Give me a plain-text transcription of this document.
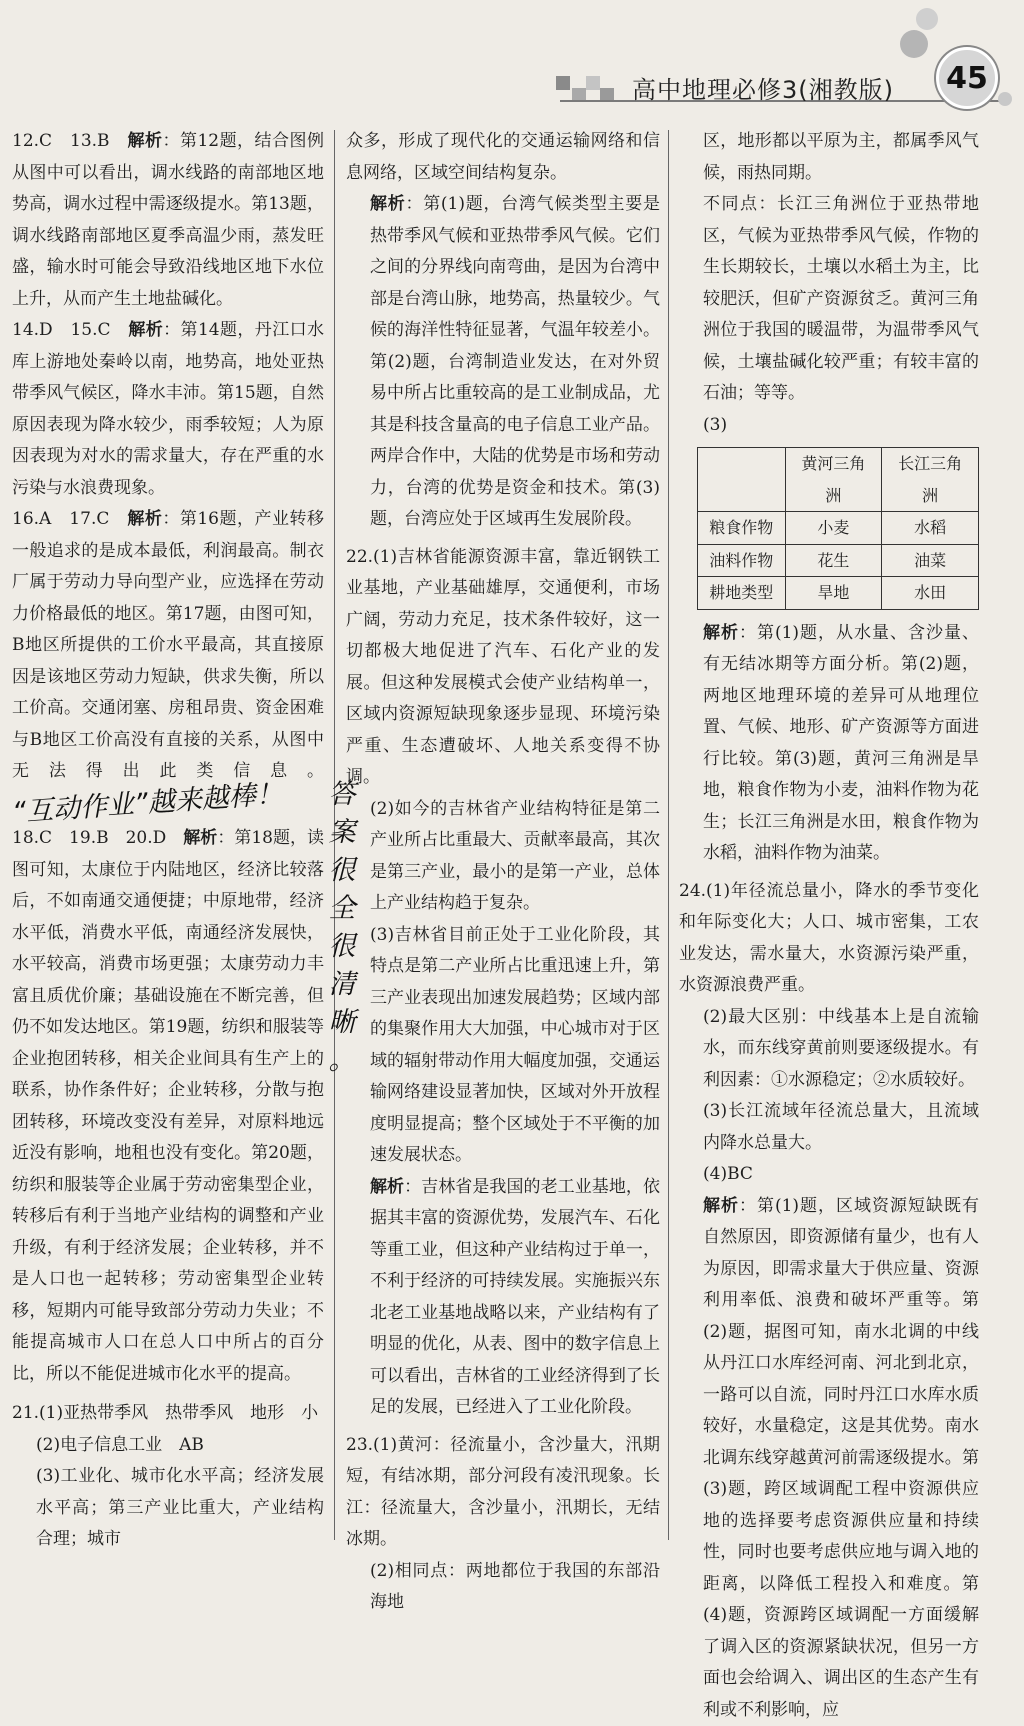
高中地理必修3(湘教版) 45

12.C　13.B　解析：第12题，结合图例从图中可以看出，调水线路的南部地区地势高，调水过程中需逐级提水。第13题，调水线路南部地区夏季高温少雨，蒸发旺盛，输水时可能会导致沿线地区地下水位上升，从而产生土地盐碱化。

14.D　15.C　解析：第14题，丹江口水库上游地处秦岭以南，地势高，地处亚热带季风气候区，降水丰沛。第15题，自然原因表现为降水较少，雨季较短；人为原因表现为对水的需求量大，存在严重的水污染与水浪费现象。

16.A　17.C　解析：第16题，产业转移一般追求的是成本最低，利润最高。制衣厂属于劳动力导向型产业，应选择在劳动力价格最低的地区。第17题，由图可知，B地区所提供的工价水平最高，其直接原因是该地区劳动力短缺，供求失衡，所以工价高。交通闭塞、房租昂贵、资金困难与B地区工价高没有直接的关系，从图中无法得出此类信息。“互动作业”越来越棒！

18.C　19.B　20.D　解析：第18题，读图可知，太康位于内陆地区，经济比较落后，不如南通交通便捷；中原地带，经济水平低，消费水平低，南通经济发展快，水平较高，消费市场更强；太康劳动力丰富且质优价廉；基础设施在不断完善，但仍不如发达地区。第19题，纺织和服装等企业抱团转移，相关企业间具有生产上的联系，协作条件好；企业转移，分散与抱团转移，环境改变没有差异，对原料地远近没有影响，地租也没有变化。第20题，纺织和服装等企业属于劳动密集型企业，转移后有利于当地产业结构的调整和产业升级，有利于经济发展；企业转移，并不是人口也一起转移；劳动密集型企业转移，短期内可能导致部分劳动力失业；不能提高城市人口在总人口中所占的百分比，所以不能促进城市化水平的提高。

21.(1)亚热带季风　热带季风　地形　小

(2)电子信息工业　AB

(3)工业化、城市化水平高；经济发展水平高；第三产业比重大，产业结构合理；城市

答
案
很
全
很
清
晰
。

众多，形成了现代化的交通运输网络和信息网络，区域空间结构复杂。

解析：第(1)题，台湾气候类型主要是热带季风气候和亚热带季风气候。它们之间的分界线向南弯曲，是因为台湾中部是台湾山脉，地势高，热量较少。气候的海洋性特征显著，气温年较差小。第(2)题，台湾制造业发达，在对外贸易中所占比重较高的是工业制成品，尤其是科技含量高的电子信息工业产品。两岸合作中，大陆的优势是市场和劳动力，台湾的优势是资金和技术。第(3)题，台湾应处于区域再生发展阶段。

22.(1)吉林省能源资源丰富，靠近钢铁工业基地，产业基础雄厚，交通便利，市场广阔，劳动力充足，技术条件较好，这一切都极大地促进了汽车、石化产业的发展。但这种发展模式会使产业结构单一，区域内资源短缺现象逐步显现、环境污染严重、生态遭破坏、人地关系变得不协调。

(2)如今的吉林省产业结构特征是第二产业所占比重最大、贡献率最高，其次是第三产业，最小的是第一产业，总体上产业结构趋于复杂。

(3)吉林省目前正处于工业化阶段，其特点是第二产业所占比重迅速上升，第三产业表现出加速发展趋势；区域内部的集聚作用大大加强，中心城市对于区域的辐射带动作用大幅度加强，交通运输网络建设显著加快，区域对外开放程度明显提高；整个区域处于不平衡的加速发展状态。

解析：吉林省是我国的老工业基地，依据其丰富的资源优势，发展汽车、石化等重工业，但这种产业结构过于单一，不利于经济的可持续发展。实施振兴东北老工业基地战略以来，产业结构有了明显的优化，从表、图中的数字信息上可以看出，吉林省的工业经济得到了长足的发展，已经进入了工业化阶段。

23.(1)黄河：径流量小，含沙量大，汛期短，有结冰期，部分河段有凌汛现象。长江：径流量大，含沙量小，汛期长，无结冰期。

(2)相同点：两地都位于我国的东部沿海地

区，地形都以平原为主，都属季风气候，雨热同期。

不同点：长江三角洲位于亚热带地区，气候为亚热带季风气候，作物的生长期较长，土壤以水稻土为主，比较肥沃，但矿产资源贫乏。黄河三角洲位于我国的暖温带，为温带季风气候，土壤盐碱化较严重；有较丰富的石油；等等。

(3)

	黄河三角洲	长江三角洲
粮食作物	小麦	水稻
油料作物	花生	油菜
耕地类型	旱地	水田

解析：第(1)题，从水量、含沙量、有无结冰期等方面分析。第(2)题，两地区地理环境的差异可从地理位置、气候、地形、矿产资源等方面进行比较。第(3)题，黄河三角洲是旱地，粮食作物为小麦，油料作物为花生；长江三角洲是水田，粮食作物为水稻，油料作物为油菜。

24.(1)年径流总量小，降水的季节变化和年际变化大；人口、城市密集，工农业发达，需水量大，水资源污染严重，水资源浪费严重。

(2)最大区别：中线基本上是自流输水，而东线穿黄前则要逐级提水。有利因素：①水源稳定；②水质较好。

(3)长江流域年径流总量大，且流域内降水总量大。

(4)BC

解析：第(1)题，区域资源短缺既有自然原因，即资源储有量少，也有人为原因，即需求量大于供应量、资源利用率低、浪费和破坏严重等。第(2)题，据图可知，南水北调的中线从丹江口水库经河南、河北到北京，一路可以自流，同时丹江口水库水质较好，水量稳定，这是其优势。南水北调东线穿越黄河前需逐级提水。第(3)题，跨区域调配工程中资源供应地的选择要考虑资源供应量和持续性，同时也要考虑供应地与调入地的距离，以降低工程投入和难度。第(4)题，资源跨区域调配一方面缓解了调入区的资源紧缺状况，但另一方面也会给调入、调出区的生态产生有利或不利影响，应
